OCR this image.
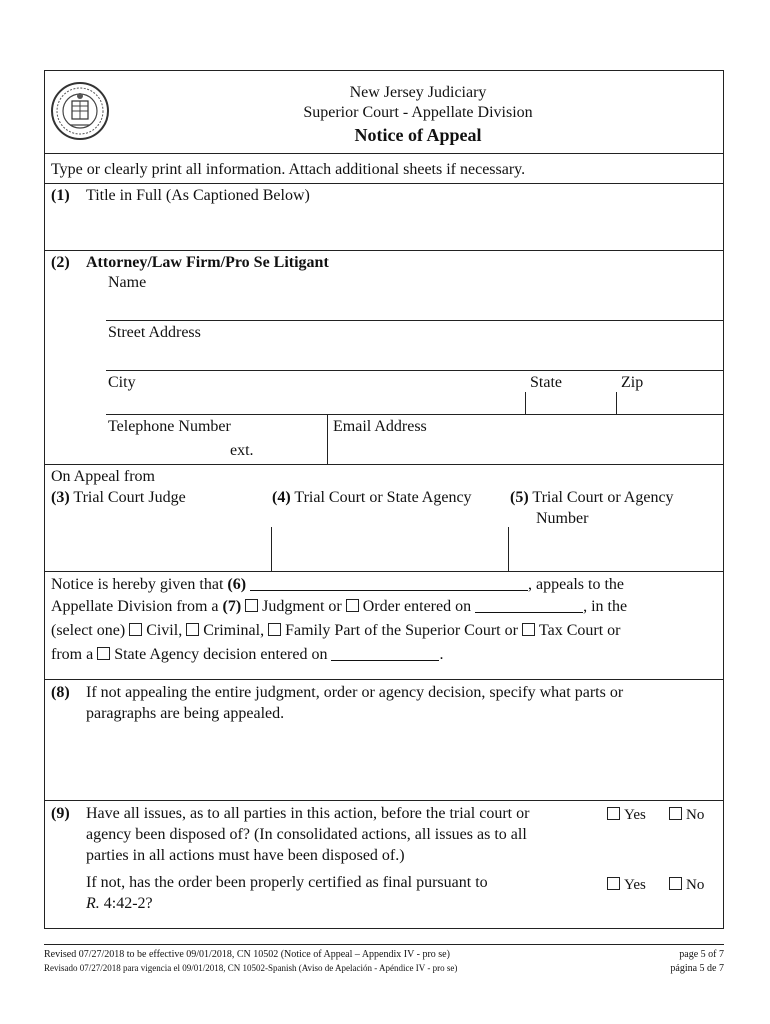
New Jersey Judiciary
Superior Court - Appellate Division
Notice of Appeal
Type or clearly print all information. Attach additional sheets if necessary.
(1) Title in Full (As Captioned Below)
(2) Attorney/Law Firm/Pro Se Litigant
Name
Street Address
City	State	Zip
Telephone Number
ext.
Email Address
On Appeal from
(3) Trial Court Judge	(4) Trial Court or State Agency (5) Trial Court or Agency
Number
Notice is hereby given that (6)	, appeals to the
Appellate Division from a (7) Judgment or Order entered on	, in the
(select one) Civil, Criminal, Family Part of the Superior Court or Tax Court or
from a State Agency decision entered on	.
(8) If not appealing the entire judgment, order or agency decision, specify what parts or
paragraphs are being appealed.
(9) Have all issues, as to all parties in this action, before the trial court or
agency been disposed of? (In consolidated actions, all issues as to all
parties in all actions must have been disposed of.)
Yes	No
If not, has the order been properly certified as final pursuant to
R. 4:42-2?
Yes	No
Revised 07/27/2018 to be effective 09/01/2018, CN 10502 (Notice of Appeal – Appendix IV - pro se)
Revisado 07/27/2018 para vigencia el 09/01/2018, CN 10502-Spanish (Aviso de Apelación - Apéndice IV - pro se)
page 5 of 7
página 5 de 7
